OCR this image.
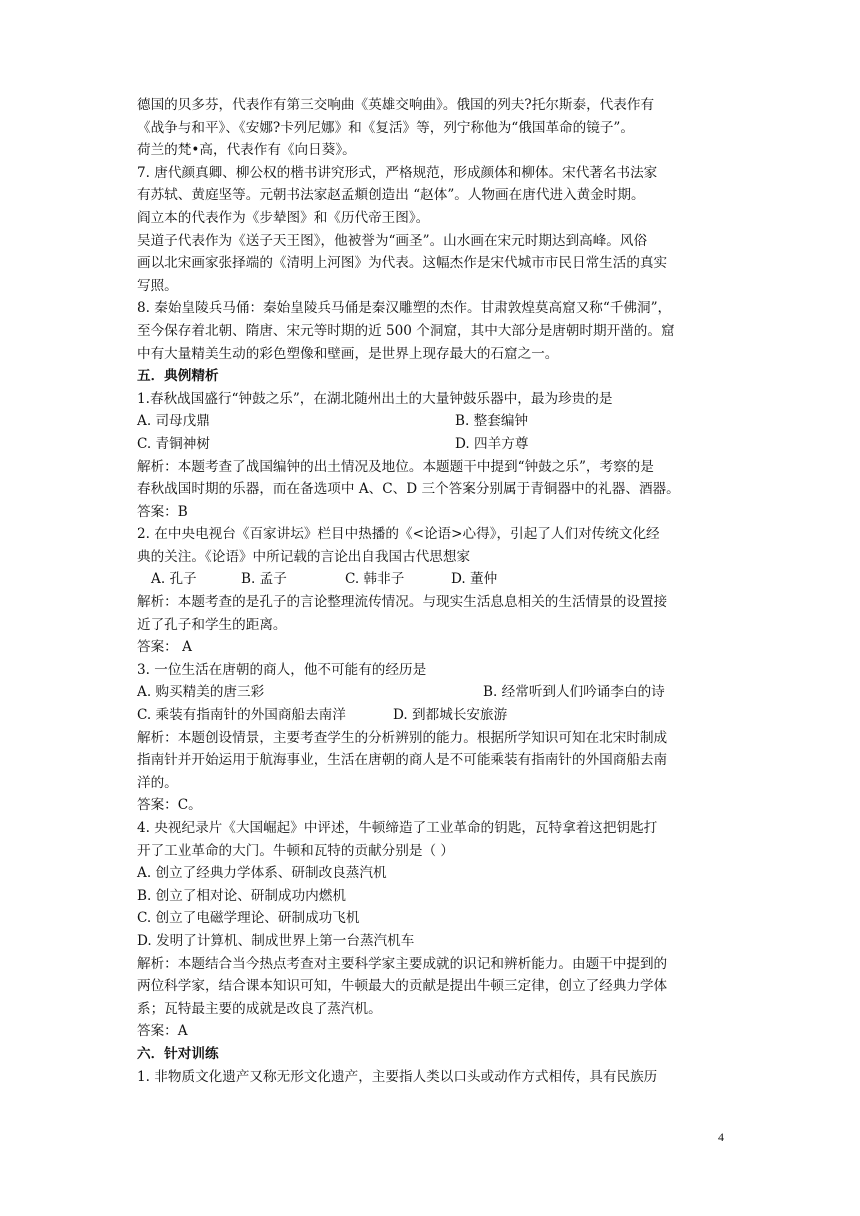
德国的贝多芬，代表作有第三交响曲《英雄交响曲》。俄国的列夫?托尔斯泰，代表作有
《战争与和平》、《安娜?卡列尼娜》和《复活》等，列宁称他为“俄国革命的镜子”。
荷兰的梵•高，代表作有《向日葵》。
7. 唐代颜真卿、柳公权的楷书讲究形式，严格规范，形成颜体和柳体。宋代著名书法家
有苏轼、黄庭坚等。元朝书法家赵孟頫创造出 “赵体”。人物画在唐代进入黄金时期。
阎立本的代表作为《步辇图》和《历代帝王图》。
吴道子代表作为《送子天王图》，他被誉为“画圣”。山水画在宋元时期达到高峰。风俗
画以北宋画家张择端的《清明上河图》为代表。这幅杰作是宋代城市市民日常生活的真实
写照。
8. 秦始皇陵兵马俑：秦始皇陵兵马俑是秦汉雕塑的杰作。甘肃敦煌莫高窟又称“千佛洞”，
至今保存着北朝、隋唐、宋元等时期的近 500 个洞窟，其中大部分是唐朝时期开凿的。窟
中有大量精美生动的彩色塑像和壁画，是世界上现存最大的石窟之一。
五．典例精析
1.春秋战国盛行“钟鼓之乐”，在湖北随州出土的大量钟鼓乐器中，最为珍贵的是
A. 司母戊鼎	B. 整套编钟
C. 青铜神树	D. 四羊方尊
解析：本题考查了战国编钟的出土情况及地位。本题题干中提到“钟鼓之乐”，考察的是
春秋战国时期的乐器，而在备选项中 A、C、D 三个答案分别属于青铜器中的礼器、酒器。
答案：B
2. 在中央电视台《百家讲坛》栏目中热播的《<论语>心得》，引起了人们对传统文化经
典的关注。《论语》中所记载的言论出自我国古代思想家
A. 孔子	B. 孟子	C. 韩非子	D. 董仲
解析：本题考查的是孔子的言论整理流传情况。与现实生活息息相关的生活情景的设置接
近了孔子和学生的距离。
答案： A
3. 一位生活在唐朝的商人，他不可能有的经历是
A. 购买精美的唐三彩	B. 经常听到人们吟诵李白的诗
C. 乘装有指南针的外国商船去南洋	D. 到都城长安旅游
解析：本题创设情景，主要考查学生的分析辨别的能力。根据所学知识可知在北宋时制成
指南针并开始运用于航海事业，生活在唐朝的商人是不可能乘装有指南针的外国商船去南
洋的。
答案：C。
4. 央视纪录片《大国崛起》中评述，牛顿缔造了工业革命的钥匙，瓦特拿着这把钥匙打
开了工业革命的大门。牛顿和瓦特的贡献分别是（ ）
A. 创立了经典力学体系、研制改良蒸汽机
B. 创立了相对论、研制成功内燃机
C. 创立了电磁学理论、研制成功飞机
D. 发明了计算机、制成世界上第一台蒸汽机车
解析：本题结合当今热点考查对主要科学家主要成就的识记和辨析能力。由题干中提到的
两位科学家，结合课本知识可知，牛顿最大的贡献是提出牛顿三定律，创立了经典力学体
系；瓦特最主要的成就是改良了蒸汽机。
答案：A
六．针对训练
1. 非物质文化遗产又称无形文化遗产，主要指人类以口头或动作方式相传，具有民族历
4
